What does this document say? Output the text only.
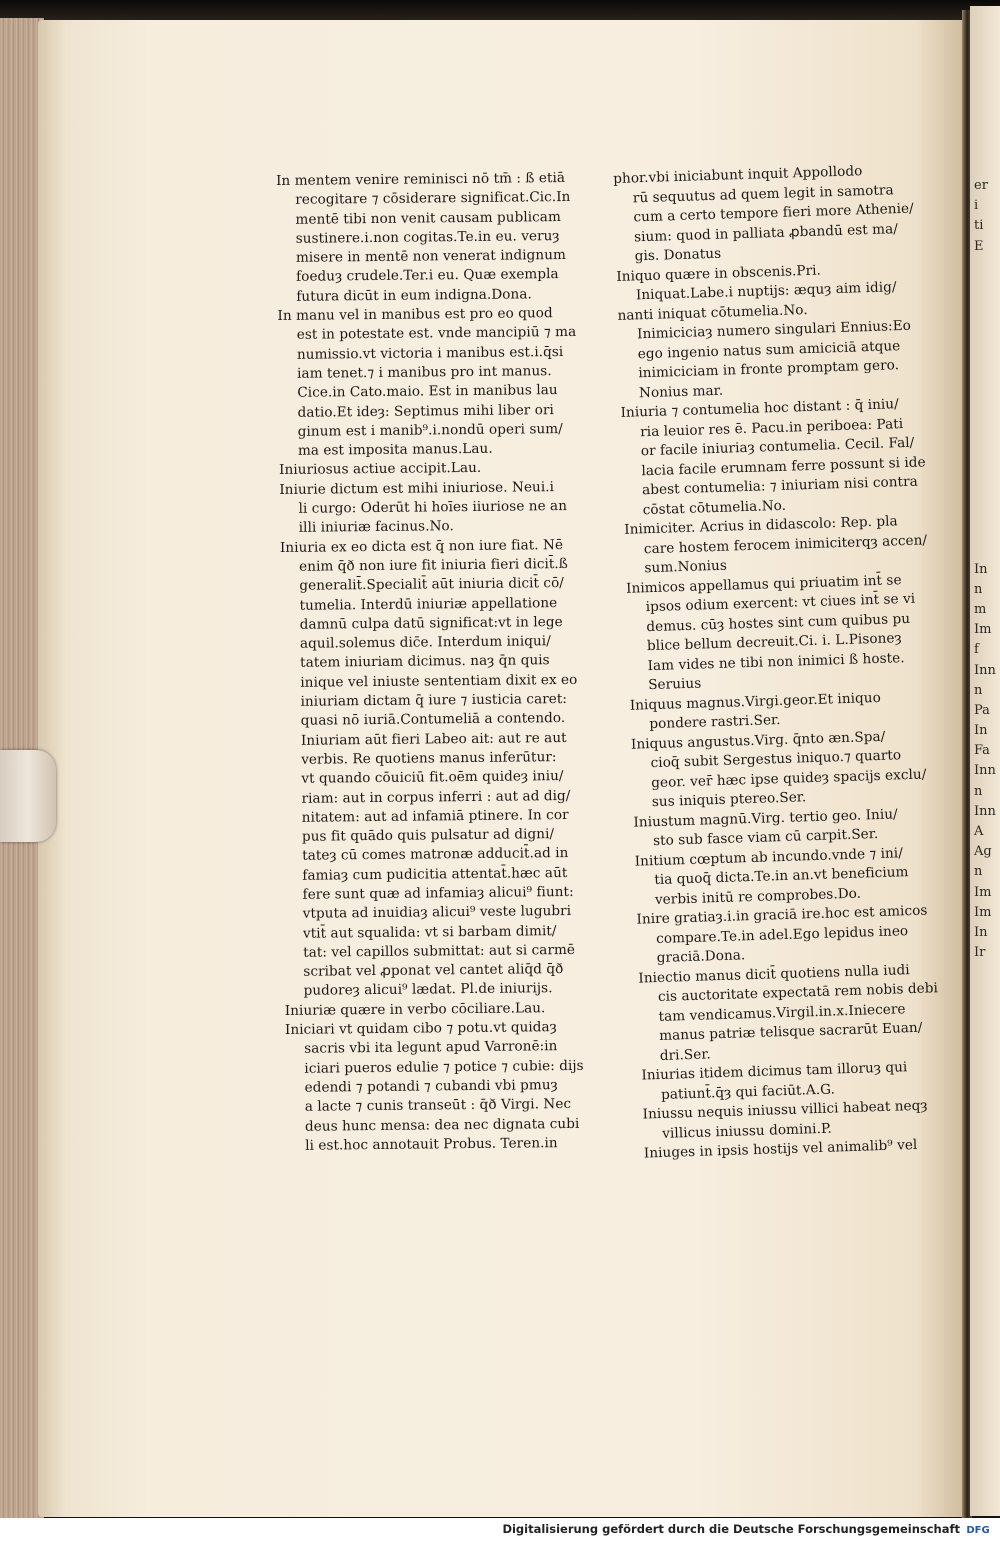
In mentem venire reminisci nō tm̄ : ß etiā
recogitare ⁊ cōsiderare significat.Cic.In
mentē tibi non venit causam publicam
sustinere.i.non cogitas.Te.in eu. veruȝ
misere in mentē non venerat indignum
foeduȝ crudele.Ter.i eu. Quæ exempla
futura dicūt in eum indigna.Dona.
In manu vel in manibus est pro eo quod
est in potestate est. vnde mancipiū ⁊ ma
numissio.vt victoria i manibus est.i.q̄si
iam tenet.⁊ i manibus pro int manus.
Cice.in Cato.maio. Est in manibus lau
datio.Et ideȝ: Septimus mihi liber ori
ginum est i manib⁹.i.nondū operi sum/
ma est imposita manus.Lau.
Iniuriosus actiue accipit.Lau.
Iniurie dictum est mihi iniuriose. Neui.i
li curgo: Oderūt hi hoīes iiuriose ne an
illi iniuriæ facinus.No.
Iniuria ex eo dicta est q̄ non iure fiat. Nē
enim q̄ð non iure fit iniuria fieri dicit̄.ß
generalit̄.Specialit̄ aūt iniuria dicit̄ cō/
tumelia. Interdū iniuriæ appellatione
damnū culpa datū significat:vt in lege
aquil.solemus dic̄e. Interdum iniqui/
tatem iniuriam dicimus. naȝ q̄n quis
inique vel iniuste sententiam dixit ex eo
iniuriam dictam q̄ iure ⁊ iusticia caret:
quasi nō iuriā.Contumeliā a contendo.
Iniuriam aūt fieri Labeo ait: aut re aut
verbis. Re quotiens manus inferūtur:
vt quando cōuiciū fit.oēm quideȝ iniu/
riam: aut in corpus inferri : aut ad dig/
nitatem: aut ad infamiā ptinere. In cor
pus fit quādo quis pulsatur ad digni/
tateȝ cū comes matronæ adducit̄.ad in
famiaȝ cum pudicitia attentat̄.hæc aūt
fere sunt quæ ad infamiaȝ alicui⁹ fiunt:
vtputa ad inuidiaȝ alicui⁹ veste lugubri
vtit̄ aut squalida: vt si barbam dimit/
tat: vel capillos submittat: aut si carmē
scribat vel ꝓponat vel cantet aliq̄d q̄ð
pudoreȝ alicui⁹ lædat. Pl.de iniurijs.
Iniuriæ quære in verbo cōciliare.Lau.
Iniciari vt quidam cibo ⁊ potu.vt quidaȝ
sacris vbi ita legunt apud Varronē:in
iciari pueros edulie ⁊ potice ⁊ cubie: dijs
edendi ⁊ potandi ⁊ cubandi vbi pmuȝ
a lacte ⁊ cunis transeūt : q̄ð Virgi. Nec
deus hunc mensa: dea nec dignata cubi
li est.hoc annotauit Probus. Teren.in
phor.vbi iniciabunt inquit Appollodo
rū sequutus ad quem legit in samotra
cum a certo tempore fieri more Athenie/
sium: quod in palliata ꝓbandū est ma/
gis. Donatus
Iniquo quære in obscenis.Pri.
Iniquat.Labe.i nuptijs: æquȝ aim idig/
nanti iniquat cōtumelia.No.
Inimiciciaȝ numero singulari Ennius:Eo
ego ingenio natus sum amiciciā atque
inimiciciam in fronte promptam gero.
Nonius mar.
Iniuria ⁊ contumelia hoc distant : q̄ iniu/
ria leuior res ē. Pacu.in periboea: Pati
or facile iniuriaȝ contumelia. Cecil. Fal/
lacia facile erumnam ferre possunt si ide
abest contumelia: ⁊ iniuriam nisi contra
cōstat cōtumelia.No.
Inimiciter. Acrius in didascolo: Rep. pla
care hostem ferocem inimiciterqȝ accen/
sum.Nonius
Inimicos appellamus qui priuatim int̄ se
ipsos odium exercent: vt ciues int̄ se vi
demus. cūȝ hostes sint cum quibus pu
blice bellum decreuit.Ci. i. L.Pisoneȝ
Iam vides ne tibi non inimici ß hoste.
Seruius
Iniquus magnus.Virgi.geor.Et iniquo
pondere rastri.Ser.
Iniquus angustus.Virg. q̄nto æn.Spa/
cioq̄ subit Sergestus iniquo.⁊ quarto
geor. ver̄ hæc ipse quideȝ spacijs exclu/
sus iniquis ptereo.Ser.
Iniustum magnū.Virg. tertio geo. Iniu/
sto sub fasce viam cū carpit.Ser.
Initium cœptum ab incundo.vnde ⁊ ini/
tia quoq̄ dicta.Te.in an.vt beneficium
verbis initū re comprobes.Do.
Inire gratiaȝ.i.in graciā ire.hoc est amicos
compare.Te.in adel.Ego lepidus ineo
graciā.Dona.
Iniectio manus dicit̄ quotiens nulla iudi
cis auctoritate expectatā rem nobis debi
tam vendicamus.Virgil.in.x.Iniecere
manus patriæ telisque sacrarūt Euan/
dri.Ser.
Iniurias itidem dicimus tam illoruȝ qui
patiunt̄.q̄ȝ qui faciūt.A.G.
Iniussu nequis iniussu villici habeat neqȝ
villicus iniussu domini.P.
Iniuges in ipsis hostijs vel animalib⁹ vel
er
i
ti
E
In
n
m
Im
f
Inn
n
Pa
In
Fa
Inn
n
Inn
A
Ag
n
Im
Im
In
Ir
Digitalisierung gefördert durch die Deutsche Forschungsgemeinschaft DFG
